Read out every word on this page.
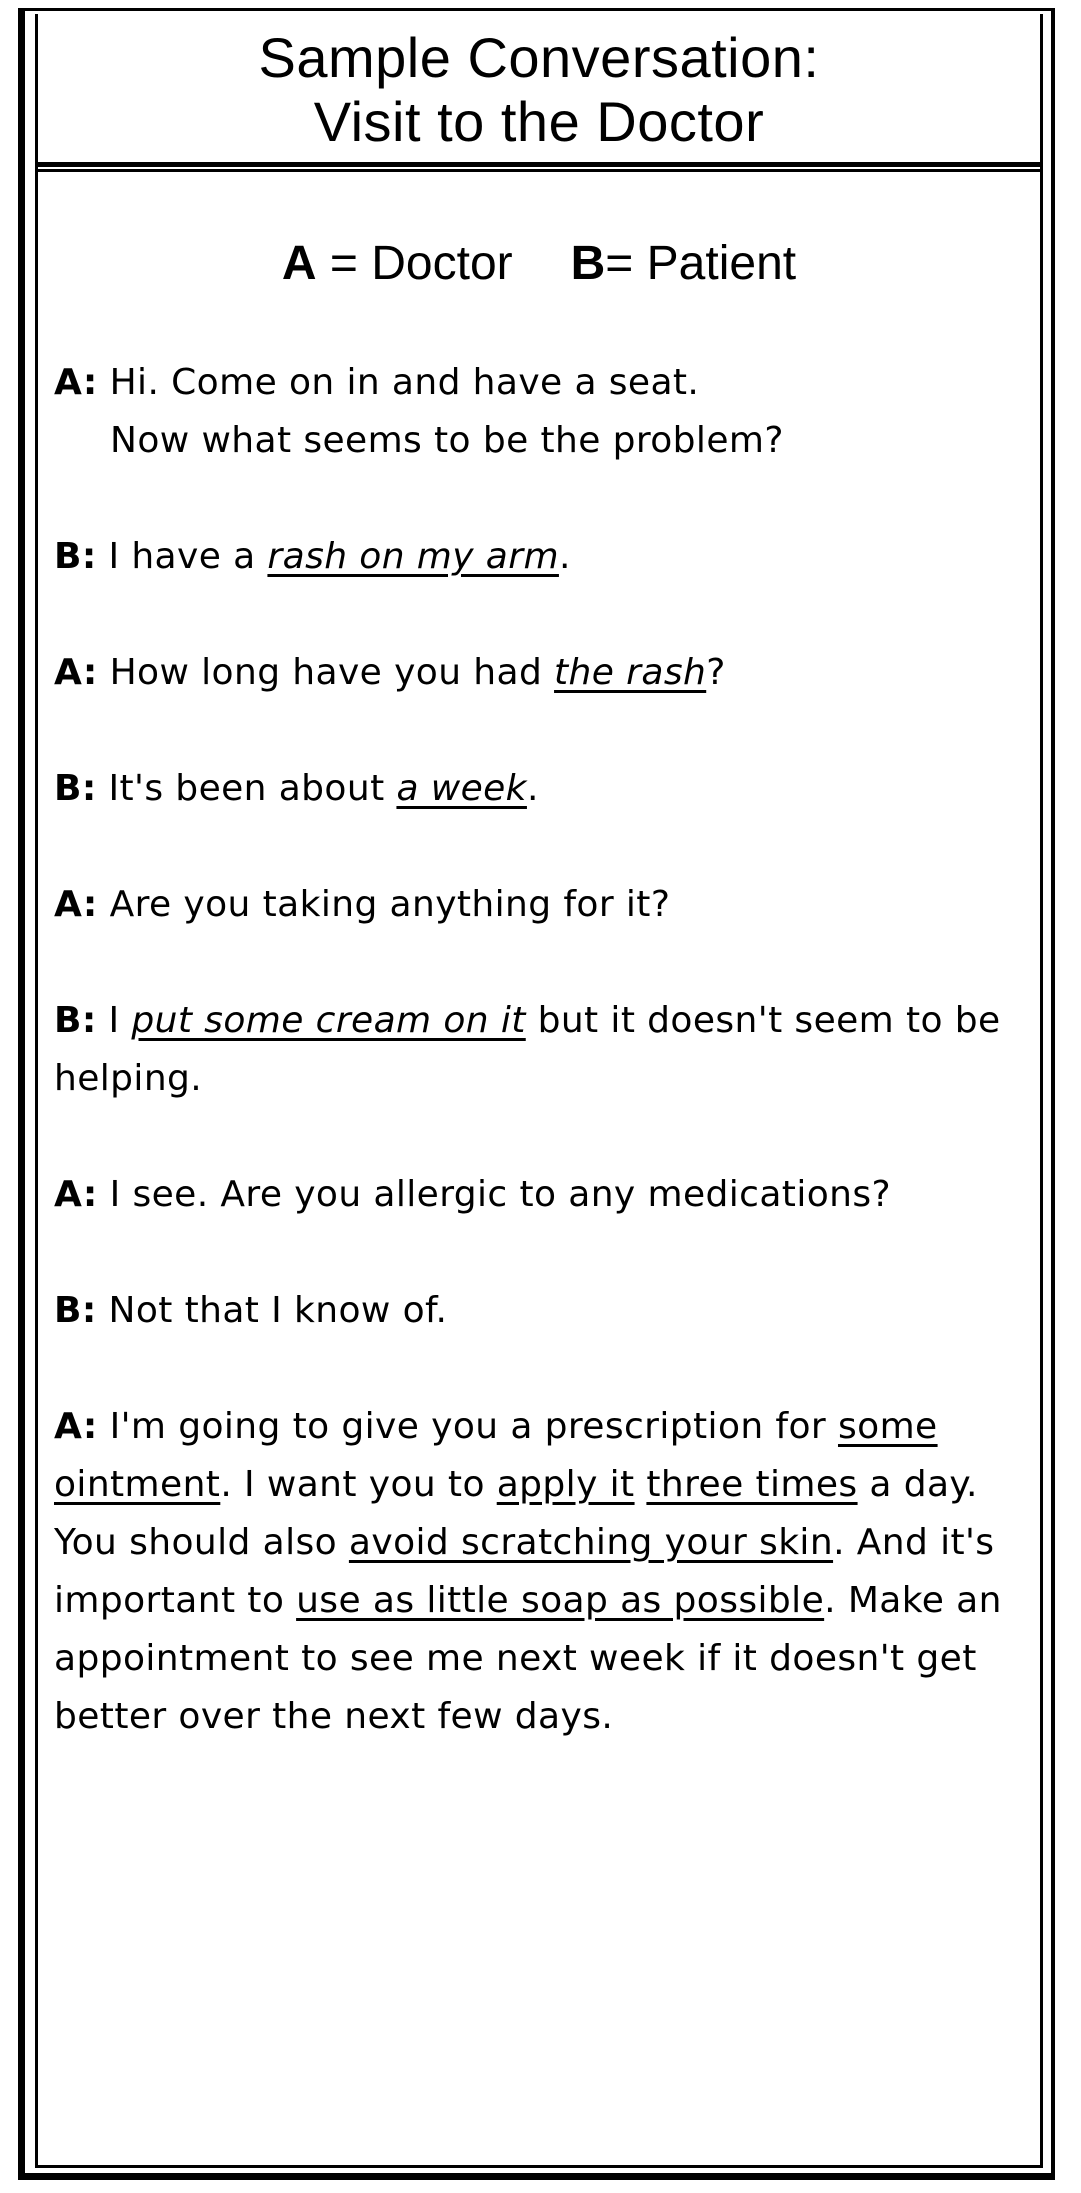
Sample Conversation:
Visit to the Doctor
A = Doctor B= Patient
A: Hi. Come on in and have a seat.
Now what seems to be the problem?
B: I have a rash on my arm.
A: How long have you had the rash?
B: It's been about a week.
A: Are you taking anything for it?
B: I put some cream on it but it doesn't seem to be helping.
A: I see. Are you allergic to any medications?
B: Not that I know of.
A: I'm going to give you a prescription for some ointment. I want you to apply it three times a day. You should also avoid scratching your skin. And it's important to use as little soap as possible. Make an appointment to see me next week if it doesn't get better over the next few days.
